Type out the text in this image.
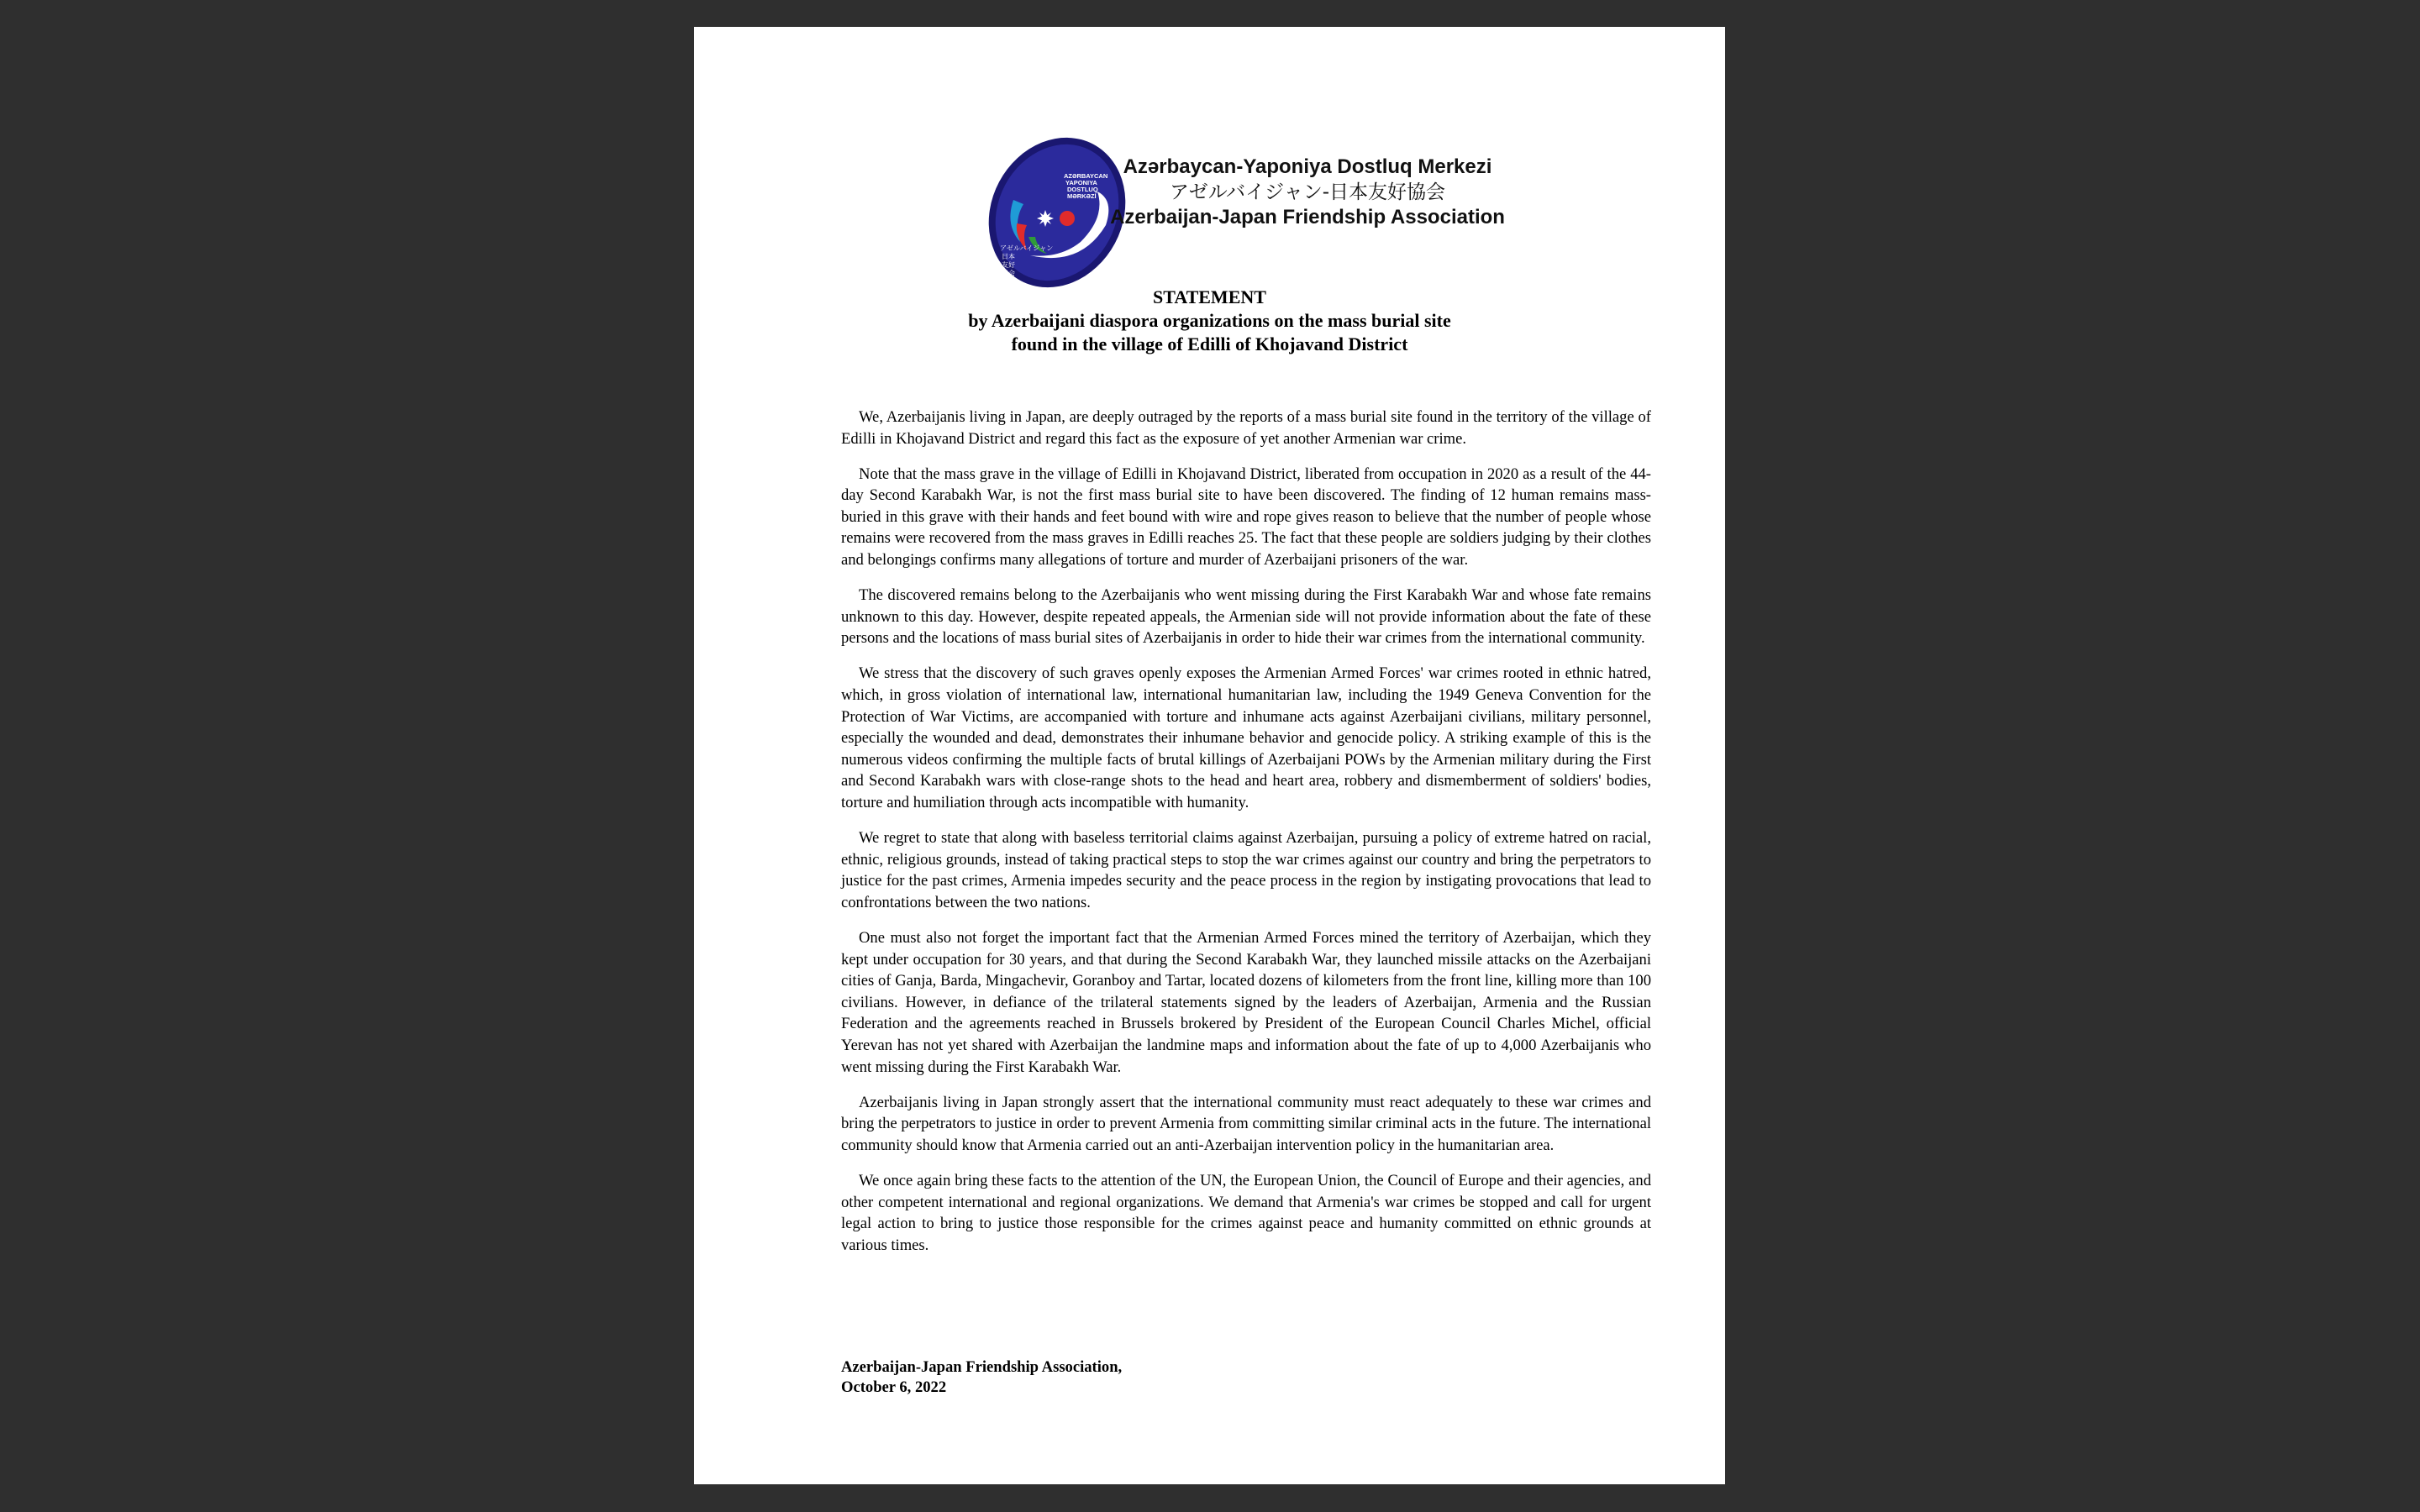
AZƏRBAYCAN
YAPONIYA
DOSTLUQ
MƏRKƏZİ
アゼルバイジャン
日本
友好
協会
Azərbaycan-Yaponiya Dostluq Merkezi
アゼルバイジャン-日本友好協会
Azerbaijan-Japan Friendship Association
STATEMENT
by Azerbaijani diaspora organizations on the mass burial site
found in the village of Edilli of Khojavand District

We, Azerbaijanis living in Japan, are deeply outraged by the reports of a mass burial site found in the territory of the village of Edilli in Khojavand District and regard this fact as the exposure of yet another Armenian war crime.

Note that the mass grave in the village of Edilli in Khojavand District, liberated from occupation in 2020 as a result of the 44-day Second Karabakh War, is not the first mass burial site to have been discovered. The finding of 12 human remains mass-buried in this grave with their hands and feet bound with wire and rope gives reason to believe that the number of people whose remains were recovered from the mass graves in Edilli reaches 25. The fact that these people are soldiers judging by their clothes and belongings confirms many allegations of torture and murder of Azerbaijani prisoners of the war.

The discovered remains belong to the Azerbaijanis who went missing during the First Karabakh War and whose fate remains unknown to this day. However, despite repeated appeals, the Armenian side will not provide information about the fate of these persons and the locations of mass burial sites of Azerbaijanis in order to hide their war crimes from the international community.

We stress that the discovery of such graves openly exposes the Armenian Armed Forces' war crimes rooted in ethnic hatred, which, in gross violation of international law, international humanitarian law, including the 1949 Geneva Convention for the Protection of War Victims, are accompanied with torture and inhumane acts against Azerbaijani civilians, military personnel, especially the wounded and dead, demonstrates their inhumane behavior and genocide policy. A striking example of this is the numerous videos confirming the multiple facts of brutal killings of Azerbaijani POWs by the Armenian military during the First and Second Karabakh wars with close-range shots to the head and heart area, robbery and dismemberment of soldiers' bodies, torture and humiliation through acts incompatible with humanity.

We regret to state that along with baseless territorial claims against Azerbaijan, pursuing a policy of extreme hatred on racial, ethnic, religious grounds, instead of taking practical steps to stop the war crimes against our country and bring the perpetrators to justice for the past crimes, Armenia impedes security and the peace process in the region by instigating provocations that lead to confrontations between the two nations.

One must also not forget the important fact that the Armenian Armed Forces mined the territory of Azerbaijan, which they kept under occupation for 30 years, and that during the Second Karabakh War, they launched missile attacks on the Azerbaijani cities of Ganja, Barda, Mingachevir, Goranboy and Tartar, located dozens of kilometers from the front line, killing more than 100 civilians. However, in defiance of the trilateral statements signed by the leaders of Azerbaijan, Armenia and the Russian Federation and the agreements reached in Brussels brokered by President of the European Council Charles Michel, official Yerevan has not yet shared with Azerbaijan the landmine maps and information about the fate of up to 4,000 Azerbaijanis who went missing during the First Karabakh War.

Azerbaijanis living in Japan strongly assert that the international community must react adequately to these war crimes and bring the perpetrators to justice in order to prevent Armenia from committing similar criminal acts in the future. The international community should know that Armenia carried out an anti-Azerbaijan intervention policy in the humanitarian area.

We once again bring these facts to the attention of the UN, the European Union, the Council of Europe and their agencies, and other competent international and regional organizations. We demand that Armenia's war crimes be stopped and call for urgent legal action to bring to justice those responsible for the crimes against peace and humanity committed on ethnic grounds at various times.

Azerbaijan-Japan Friendship Association,
October 6, 2022
